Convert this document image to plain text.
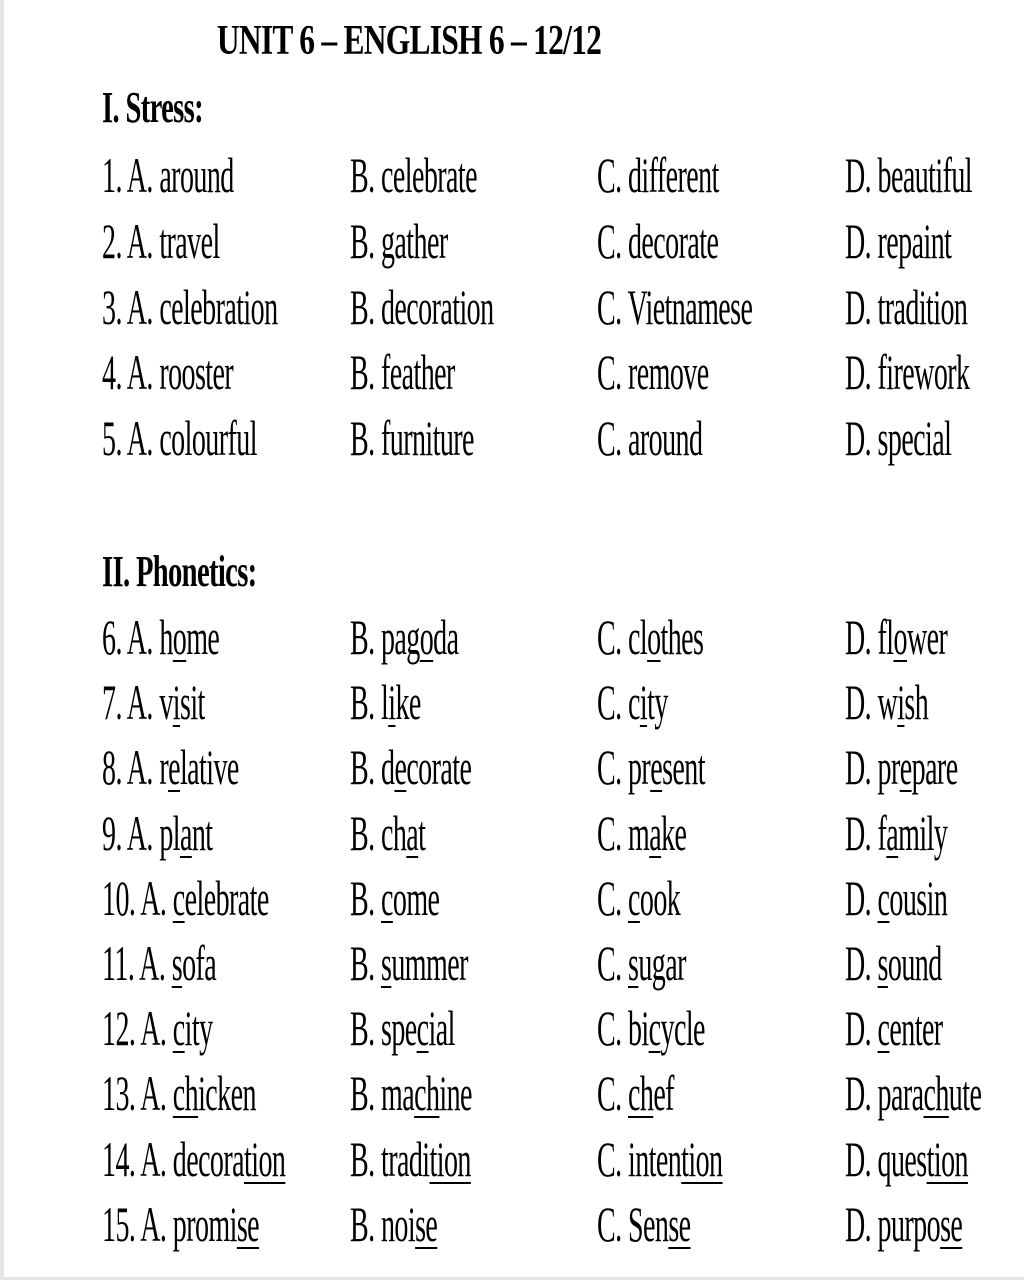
UNIT 6 – ENGLISH 6 – 12/12
I. Stress:
1. A. around B. celebrate C. different	D. beautiful
2. A. travel	B. gather	C. decorate	D. repaint
3. A. celebration B. decoration C. Vietnamese D. tradition
4. A. rooster B. feather	C. remove	D. firework
5. A. colourful B. furniture C. around	D. special
II. Phonetics:
6. A. home	B. pagoda	C. clothes	D. flower
7. A. visit	B. like	C. city	D. wish
8. A. relative B. decorate	C. present	D. prepare
9. A. plant	B. chat	C. make	D. family
10. A. celebrate B. come	C. cook	D. cousin
11. A. sofa	B. summer	C. sugar	D. sound
12. A. city	B. special	C. bicycle	D. center
13. A. chicken B. machine	C. chef	D. parachute
14. A. decoration B. tradition	C. intention D. question
15. A. promise B. noise	C. Sense	D. purpose
